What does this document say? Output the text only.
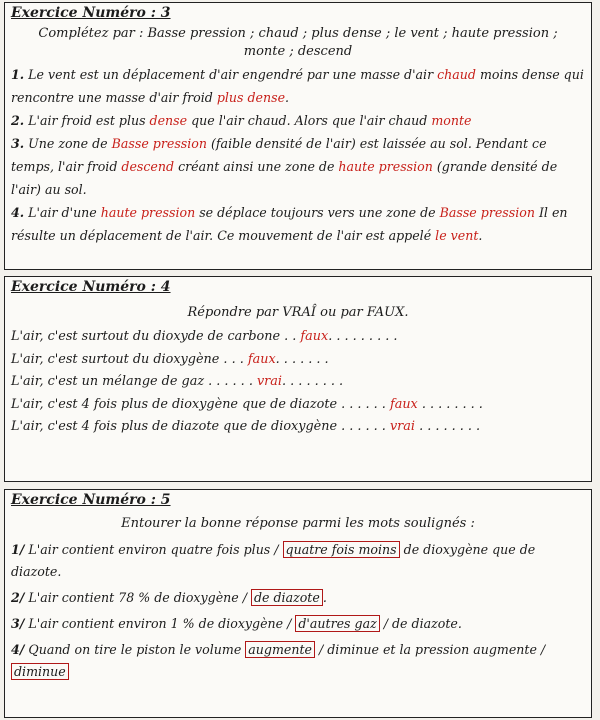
Exercice Numéro : 3
Complétez par : Basse pression ; chaud ; plus dense ; le vent ; haute pression ;
monte ; descend

1. Le vent est un déplacement d'air engendré par une masse d'air chaud moins dense qui rencontre une masse d'air froid plus dense.

2. L'air froid est plus dense que l'air chaud. Alors que l'air chaud monte

3. Une zone de Basse pression (faible densité de l'air) est laissée au sol. Pendant ce temps, l'air froid descend créant ainsi une zone de haute pression (grande densité de l'air) au sol.

4. L'air d'une haute pression se déplace toujours vers une zone de Basse pression Il en résulte un déplacement de l'air. Ce mouvement de l'air est appelé le vent.

Exercice Numéro : 4
Répondre par VRAÎ ou par FAUX.

L'air, c'est surtout du dioxyde de carbone . . faux. . . . . . . . .

L'air, c'est surtout du dioxygène . . . faux. . . . . . .

L'air, c'est un mélange de gaz . . . . . . vrai. . . . . . . .

L'air, c'est 4 fois plus de dioxygène que de diazote . . . . . . faux . . . . . . . .

L'air, c'est 4 fois plus de diazote que de dioxygène . . . . . . vrai . . . . . . . .

Exercice Numéro : 5
Entourer la bonne réponse parmi les mots soulignés :

1/ L'air contient environ quatre fois plus / quatre fois moins de dioxygène que de diazote.

2/ L'air contient 78 % de dioxygène / de diazote .

3/ L'air contient environ 1 % de dioxygène / d'autres gaz / de diazote.

4/ Quand on tire le piston le volume augmente / diminue et la pression augmente / diminue
